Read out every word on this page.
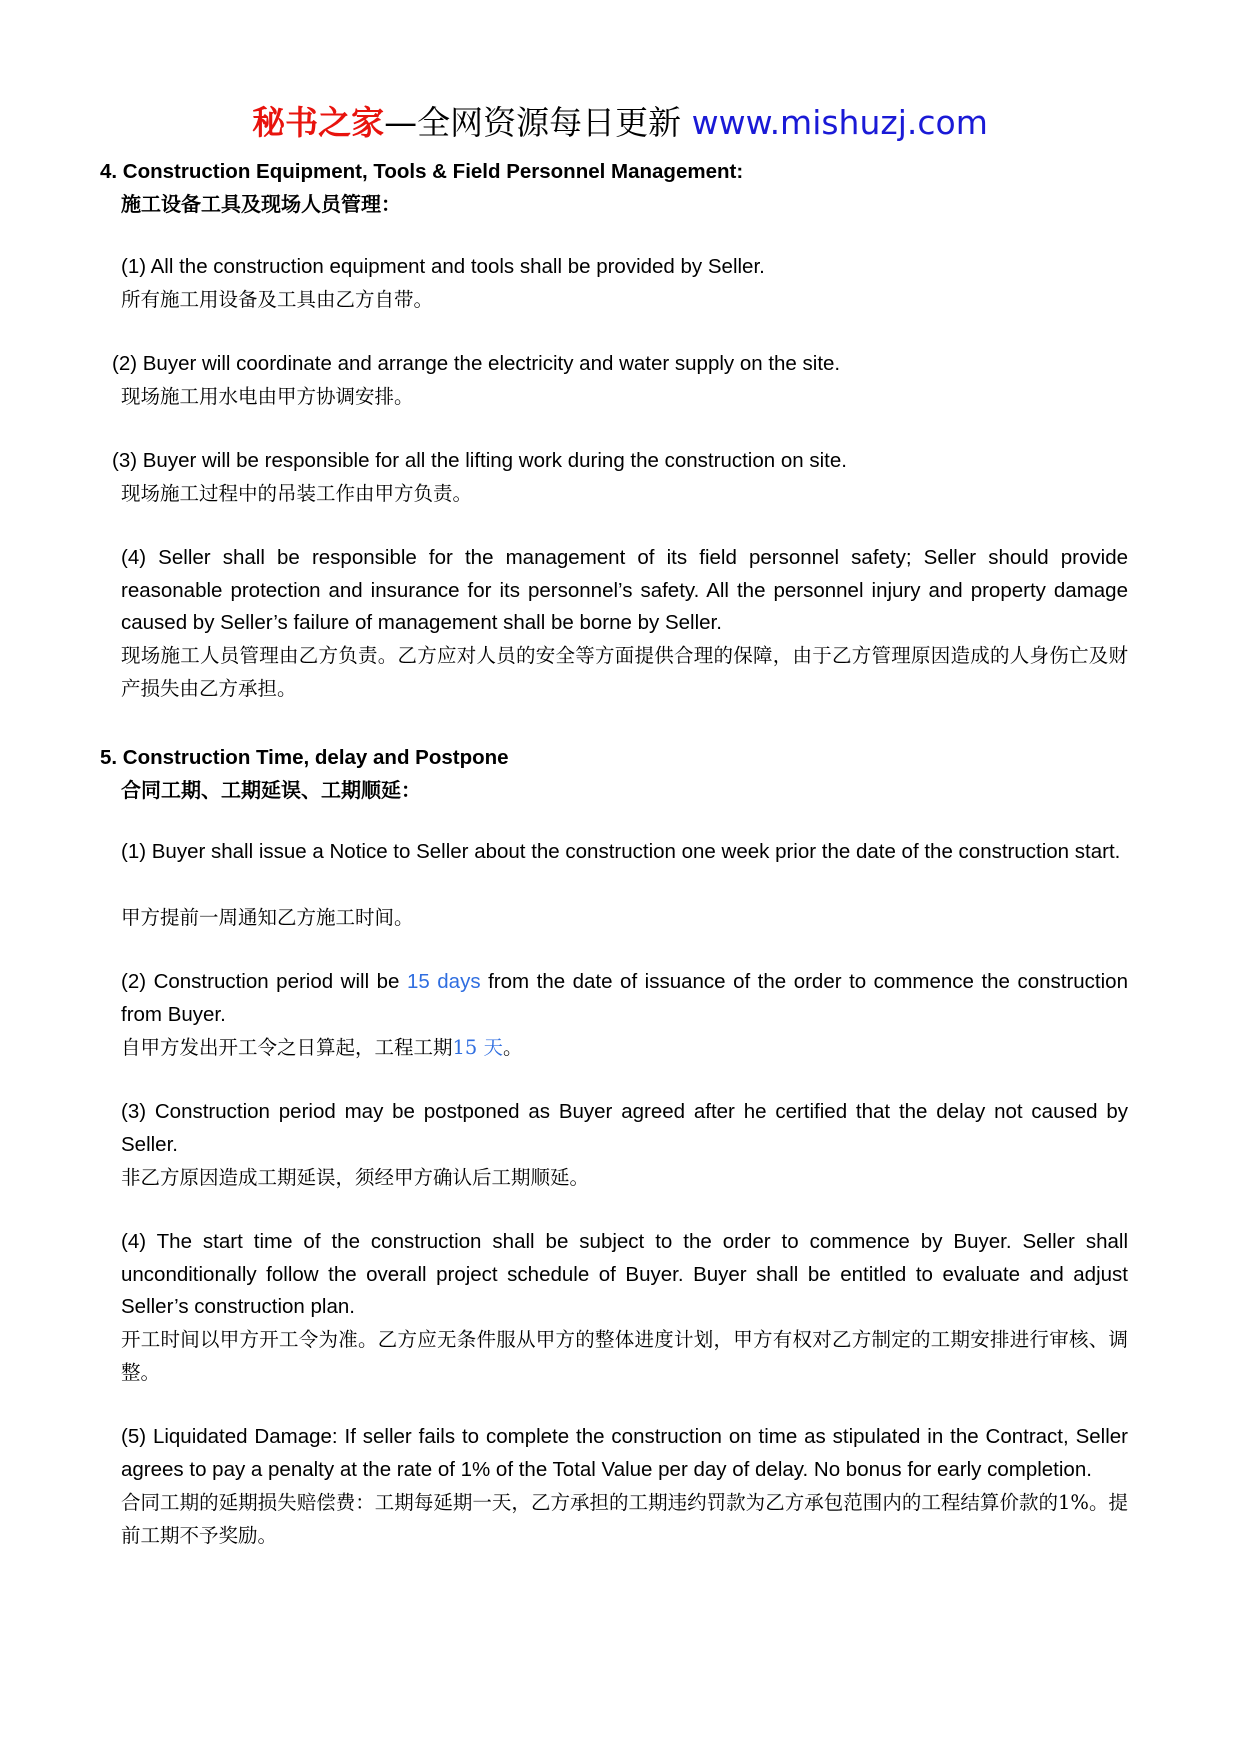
秘书之家—全网资源每日更新 www.mishuzj.com
4. Construction Equipment, Tools & Field Personnel Management:
施工设备工具及现场人员管理：
(1) All the construction equipment and tools shall be provided by Seller.
所有施工用设备及工具由乙方自带。
(2) Buyer will coordinate and arrange the electricity and water supply on the site.
现场施工用水电由甲方协调安排。
(3) Buyer will be responsible for all the lifting work during the construction on site.
现场施工过程中的吊装工作由甲方负责。
(4) Seller shall be responsible for the management of its field personnel safety; Seller should provide reasonable protection and insurance for its personnel’s safety. All the personnel injury and property damage caused by Seller’s failure of management shall be borne by Seller.
现场施工人员管理由乙方负责。乙方应对人员的安全等方面提供合理的保障，由于乙方管理原因造成的人身伤亡及财产损失由乙方承担。
5. Construction Time, delay and Postpone
合同工期、工期延误、工期顺延：
(1) Buyer shall issue a Notice to Seller about the construction one week prior the date of the construction start.
甲方提前一周通知乙方施工时间。
(2) Construction period will be 15 days from the date of issuance of the order to commence the construction from Buyer.
自甲方发出开工令之日算起，工程工期15 天。
(3) Construction period may be postponed as Buyer agreed after he certified that the delay not caused by Seller.
非乙方原因造成工期延误，须经甲方确认后工期顺延。
(4) The start time of the construction shall be subject to the order to commence by Buyer. Seller shall unconditionally follow the overall project schedule of Buyer. Buyer shall be entitled to evaluate and adjust Seller’s construction plan.
开工时间以甲方开工令为准。乙方应无条件服从甲方的整体进度计划，甲方有权对乙方制定的工期安排进行审核、调整。
(5) Liquidated Damage: If seller fails to complete the construction on time as stipulated in the Contract, Seller agrees to pay a penalty at the rate of 1% of the Total Value per day of delay. No bonus for early completion.
合同工期的延期损失赔偿费：工期每延期一天，乙方承担的工期违约罚款为乙方承包范围内的工程结算价款的1%。提前工期不予奖励。
